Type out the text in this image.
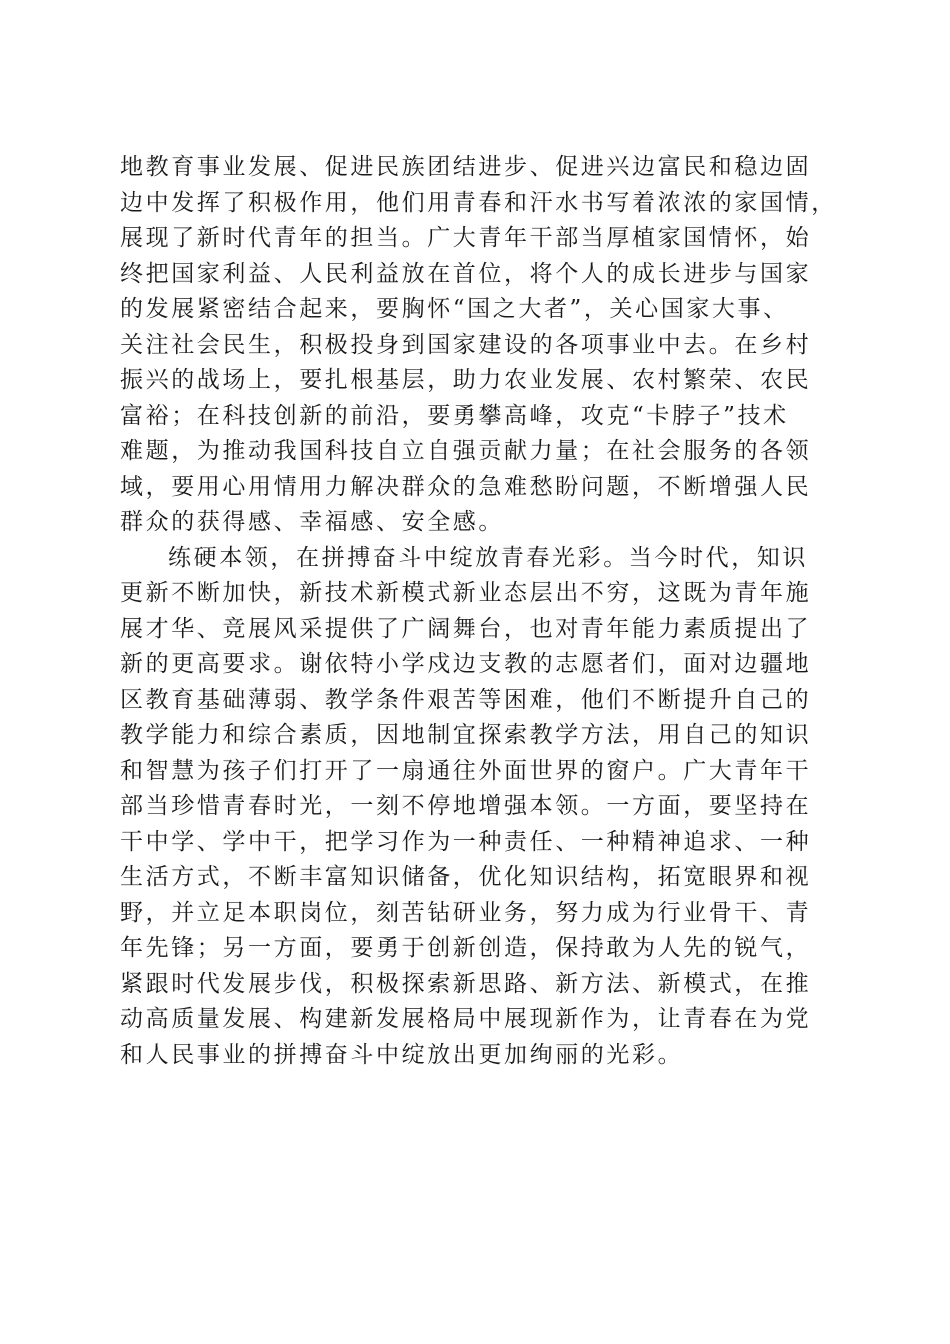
地教育事业发展、促进民族团结进步、促进兴边富民和稳边固
边中发挥了积极作用，他们用青春和汗水书写着浓浓的家国情，
展现了新时代青年的担当。广大青年干部当厚植家国情怀，始
终把国家利益、人民利益放在首位，将个人的成长进步与国家
的发展紧密结合起来，要胸怀“国之大者”，关心国家大事、
关注社会民生，积极投身到国家建设的各项事业中去。在乡村
振兴的战场上，要扎根基层，助力农业发展、农村繁荣、农民
富裕；在科技创新的前沿，要勇攀高峰，攻克“卡脖子”技术
难题，为推动我国科技自立自强贡献力量；在社会服务的各领
域，要用心用情用力解决群众的急难愁盼问题，不断增强人民
群众的获得感、幸福感、安全感。
练硬本领，在拼搏奋斗中绽放青春光彩。当今时代，知识
更新不断加快，新技术新模式新业态层出不穷，这既为青年施
展才华、竞展风采提供了广阔舞台，也对青年能力素质提出了
新的更高要求。谢依特小学戍边支教的志愿者们，面对边疆地
区教育基础薄弱、教学条件艰苦等困难，他们不断提升自己的
教学能力和综合素质，因地制宜探索教学方法，用自己的知识
和智慧为孩子们打开了一扇通往外面世界的窗户。广大青年干
部当珍惜青春时光，一刻不停地增强本领。一方面，要坚持在
干中学、学中干，把学习作为一种责任、一种精神追求、一种
生活方式，不断丰富知识储备，优化知识结构，拓宽眼界和视
野，并立足本职岗位，刻苦钻研业务，努力成为行业骨干、青
年先锋；另一方面，要勇于创新创造，保持敢为人先的锐气，
紧跟时代发展步伐，积极探索新思路、新方法、新模式，在推
动高质量发展、构建新发展格局中展现新作为，让青春在为党
和人民事业的拼搏奋斗中绽放出更加绚丽的光彩。
